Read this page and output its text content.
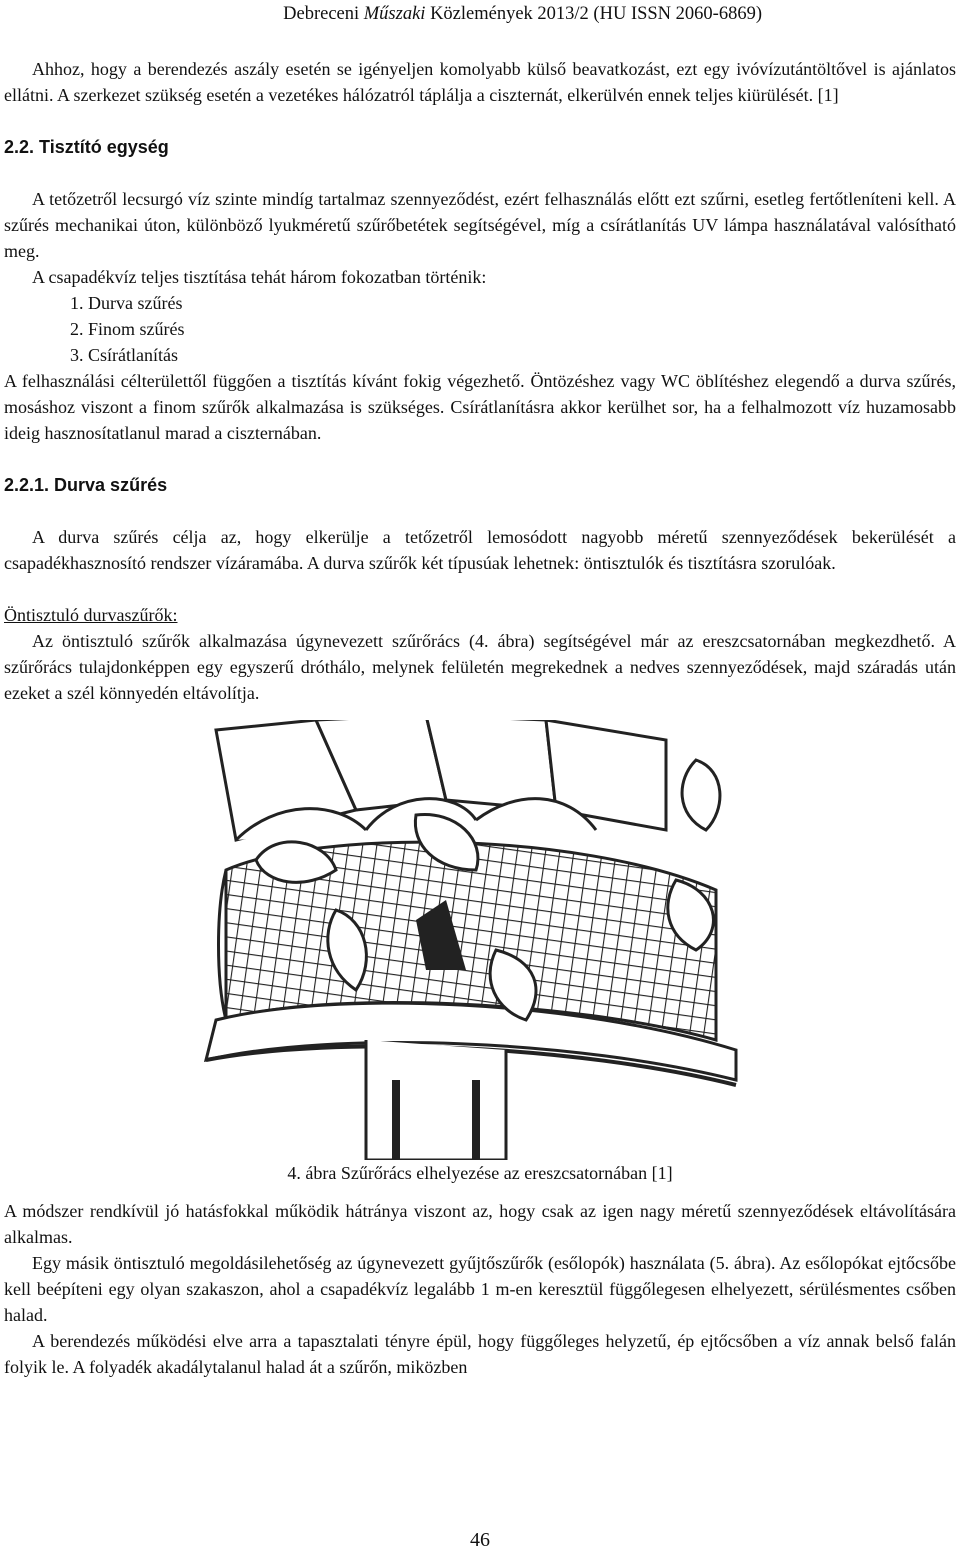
Debreceni Műszaki Közlemények 2013/2 (HU ISSN 2060-6869)

Ahhoz, hogy a berendezés aszály esetén se igényeljen komolyabb külső beavatkozást, ezt egy ivóvízutántöltővel is ajánlatos ellátni. A szerkezet szükség esetén a vezetékes hálózatról táplálja a ciszternát, elkerülvén ennek teljes kiürülését. [1]

2.2. Tisztító egység

A tetőzetről lecsurgó víz szinte mindíg tartalmaz szennyeződést, ezért felhasználás előtt ezt szűrni, esetleg fertőtleníteni kell. A szűrés mechanikai úton, különböző lyukméretű szűrőbetétek segítségével, míg a csírátlanítás UV lámpa használatával valósítható meg.

A csapadékvíz teljes tisztítása tehát három fokozatban történik:

1. Durva szűrés
2. Finom szűrés
3. Csírátlanítás

A felhasználási célterülettől függően a tisztítás kívánt fokig végezhető. Öntözéshez vagy WC öblítéshez elegendő a durva szűrés, mosáshoz viszont a finom szűrők alkalmazása is szükséges. Csírátlanításra akkor kerülhet sor, ha a felhalmozott víz huzamosabb ideig hasznosítatlanul marad a ciszternában.

2.2.1. Durva szűrés

A durva szűrés célja az, hogy elkerülje a tetőzetről lemosódott nagyobb méretű szennyeződések bekerülését a csapadékhasznosító rendszer vízáramába. A durva szűrők két típusúak lehetnek: öntisztulók és tisztításra szorulóak.

Öntisztuló durvaszűrők:

Az öntisztuló szűrők alkalmazása úgynevezett szűrőrács (4. ábra) segítségével már az ereszcsatornában megkezdhető. A szűrőrács tulajdonképpen egy egyszerű dróthálo, melynek felületén megrekednek a nedves szennyeződések, majd száradás után ezeket a szél könnyedén eltávolítja.

4. ábra Szűrőrács elhelyezése az ereszcsatornában [1]

A módszer rendkívül jó hatásfokkal működik hátránya viszont az, hogy csak az igen nagy méretű szennyeződések eltávolítására alkalmas.

Egy másik öntisztuló megoldásilehetőség az úgynevezett gyűjtőszűrők (esőlopók) használata (5. ábra). Az esőlopókat ejtőcsőbe kell beépíteni egy olyan szakaszon, ahol a csapadékvíz legalább 1 m-en keresztül függőlegesen elhelyezett, sérülésmentes csőben halad.

A berendezés működési elve arra a tapasztalati tényre épül, hogy függőleges helyzetű, ép ejtőcsőben a víz annak belső falán folyik le. A folyadék akadálytalanul halad át a szűrőn, miközben

46
